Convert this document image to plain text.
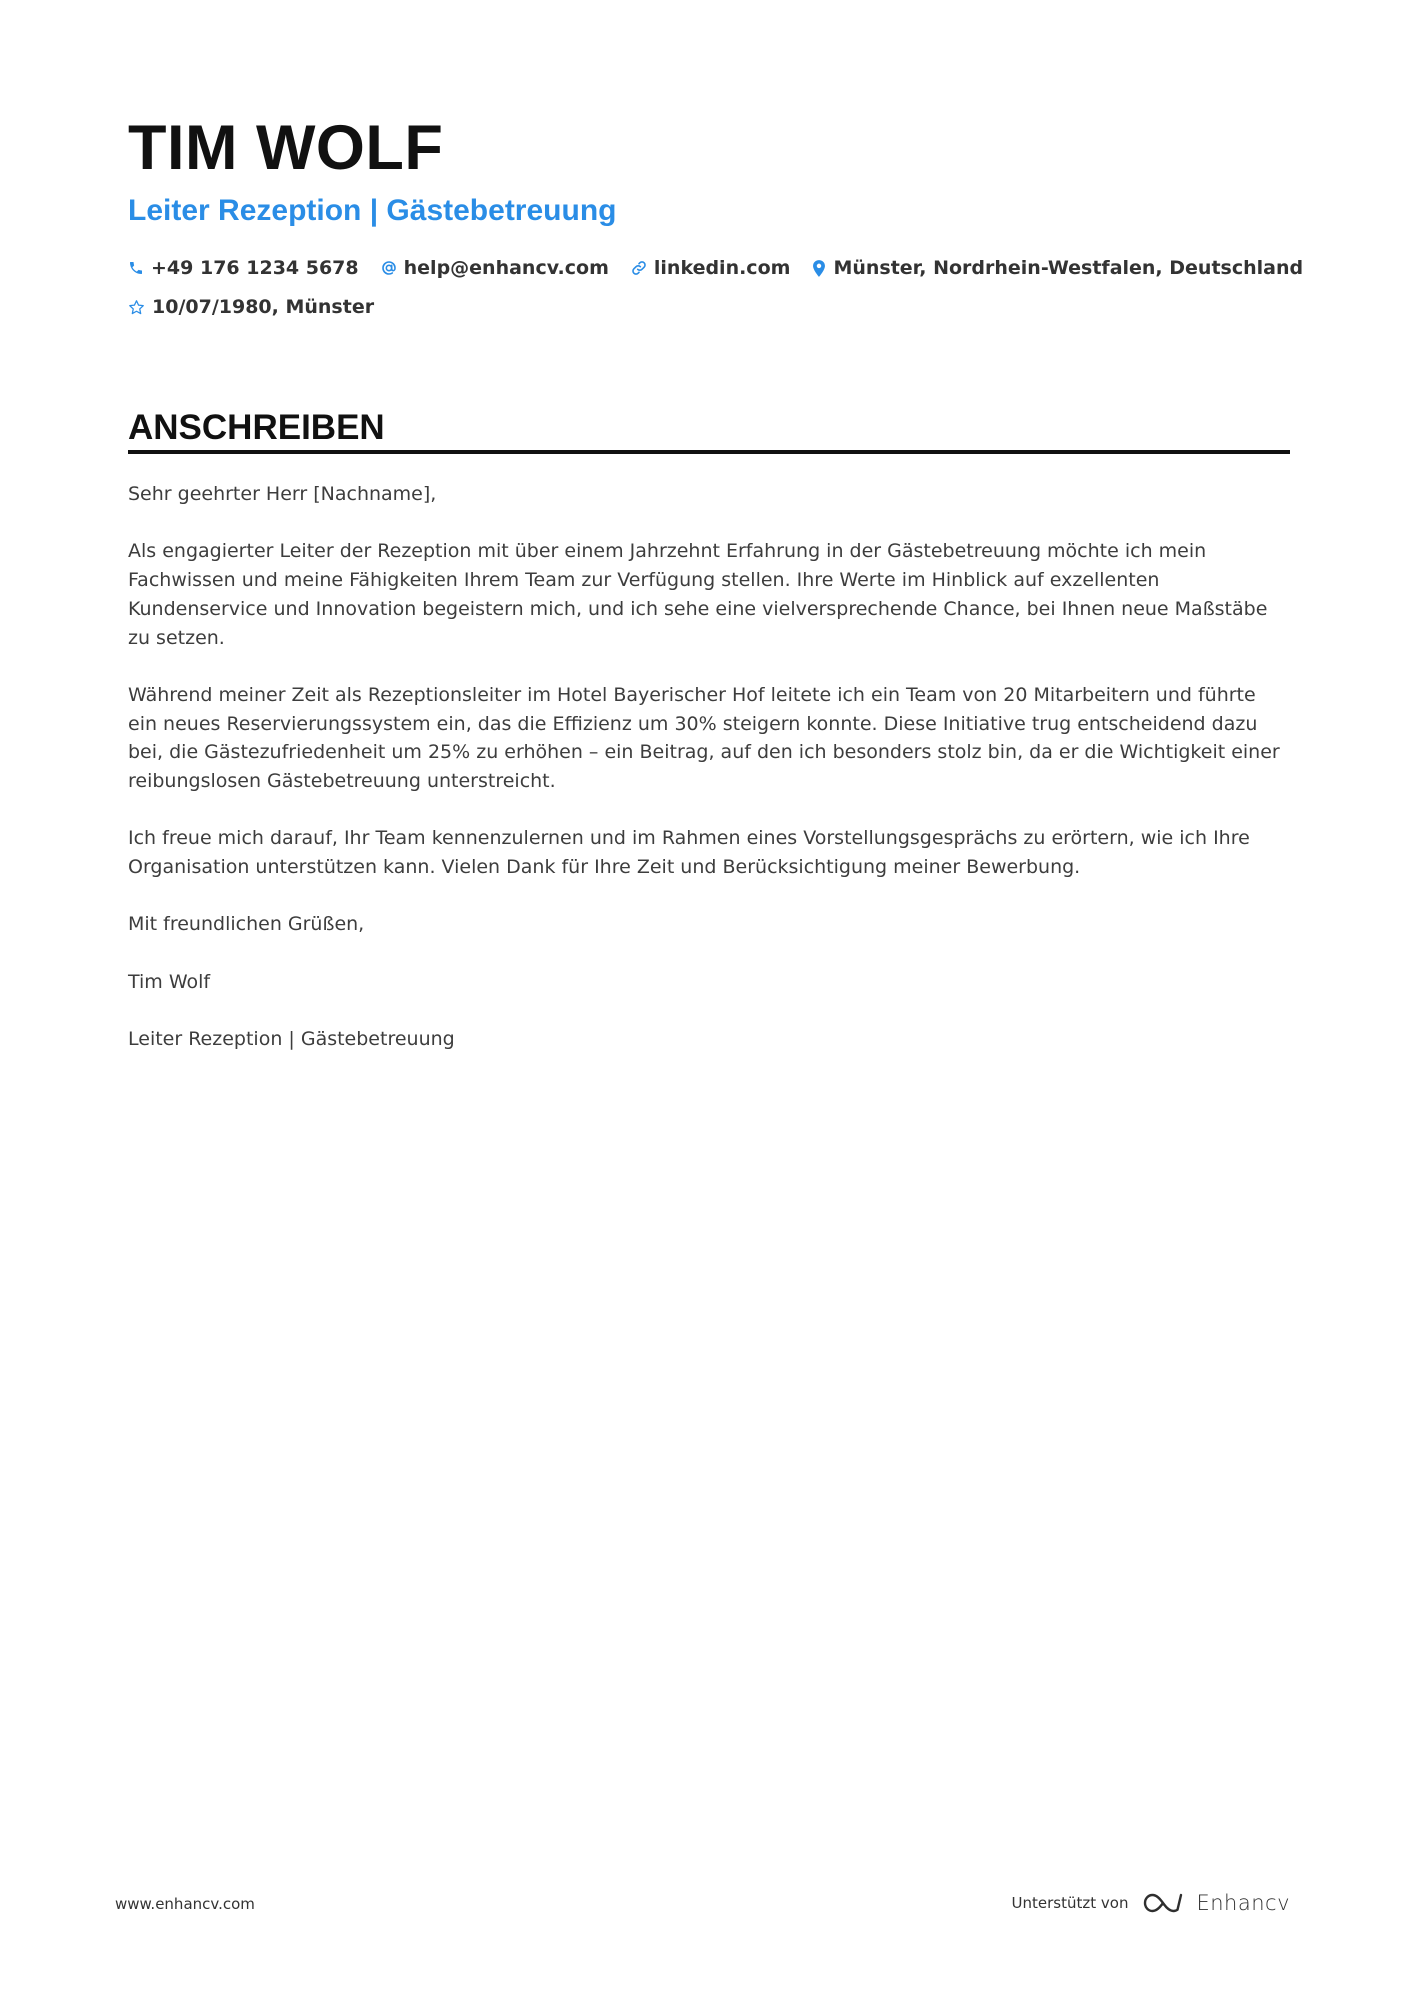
TIM WOLF
Leiter Rezeption | Gästebetreuung
+49 176 1234 5678 help@enhancv.com linkedin.com Münster, Nordrhein-Westfalen, Deutschland
10/07/1980, Münster
ANSCHREIBEN

Sehr geehrter Herr [Nachname],

Als engagierter Leiter der Rezeption mit über einem Jahrzehnt Erfahrung in der Gästebetreuung möchte ich mein Fachwissen und meine Fähigkeiten Ihrem Team zur Verfügung stellen. Ihre Werte im Hinblick auf exzellenten Kundenservice und Innovation begeistern mich, und ich sehe eine vielversprechende Chance, bei Ihnen neue Maßstäbe zu setzen.

Während meiner Zeit als Rezeptionsleiter im Hotel Bayerischer Hof leitete ich ein Team von 20 Mitarbeitern und führte ein neues Reservierungssystem ein, das die Effizienz um 30% steigern konnte. Diese Initiative trug entscheidend dazu bei, die Gästezufriedenheit um 25% zu erhöhen – ein Beitrag, auf den ich besonders stolz bin, da er die Wichtigkeit einer reibungslosen Gästebetreuung unterstreicht.

Ich freue mich darauf, Ihr Team kennenzulernen und im Rahmen eines Vorstellungsgesprächs zu erörtern, wie ich Ihre Organisation unterstützen kann. Vielen Dank für Ihre Zeit und Berücksichtigung meiner Bewerbung.

Mit freundlichen Grüßen,

Tim Wolf

Leiter Rezeption | Gästebetreuung

www.enhancv.com	Unterstützt von	Enhancv
